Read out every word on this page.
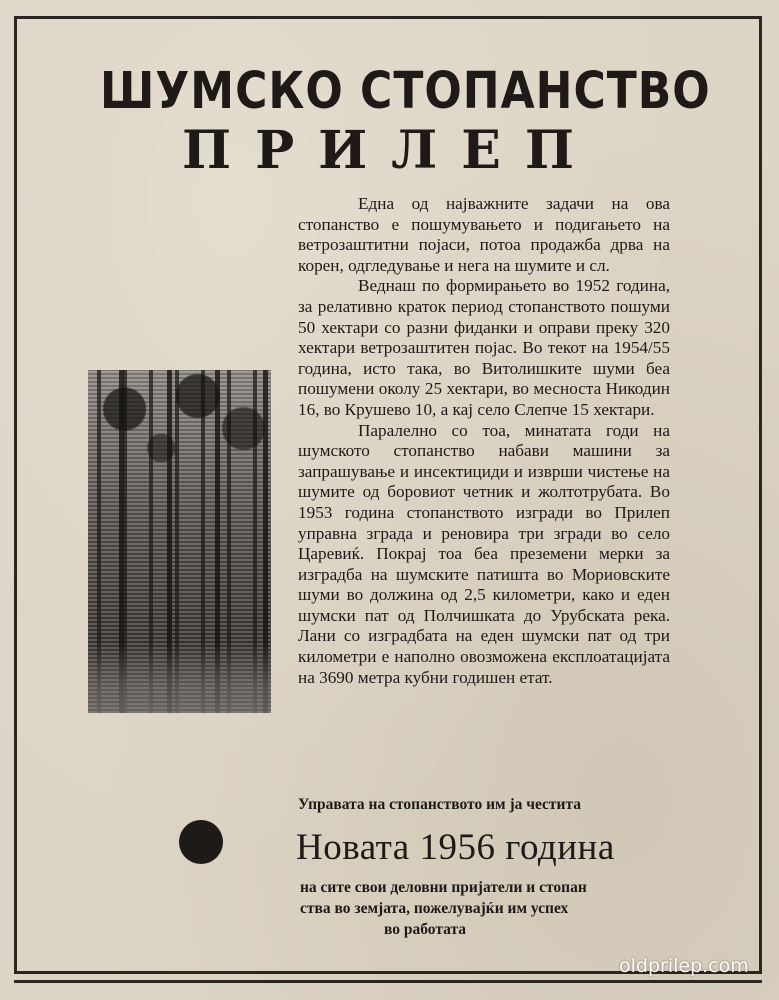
ШУМСКО СТОПАНСТВО
ПРИЛЕП

Една од најважните задачи на ова стопанство е пошумувањето и подигањето на ветрозаштитни појаси, потоа продажба дрва на корен, одгледување и нега на шумите и сл.

Веднаш по формирањето во 1952 година, за релативно краток период стопанството пошуми 50 хектари со разни фиданки и оправи преку 320 хектари ветрозаштитен појас. Во текот на 1954/55 година, исто така, во Витолишките шуми беа пошумени околу 25 хектари, во месноста Никодин 16, во Крушево 10, а кај село Слепче 15 хектари.

Паралелно со тоа, минатата годи на шумското стопанство набави машини за запрашување и инсектициди и изврши чистење на шумите од боровиот четник и жолтотрубата. Во 1953 година стопанството изгради во Прилеп управна зграда и реновира три згради во село Царевиќ. Покрај тоа беа преземени мерки за изградба на шумските патишта во Мориовските шуми во должина од 2,5 километри, како и еден шумски пат од Полчишката до Урубската река. Лани со изградбата на еден шумски пат од три километри е наполно овозможена експлоатацијата на 3690 метра кубни годишен етат.

Управата на стопанството им ја честита
Новата 1956 година
на сите свои деловни пријатели и стопан
ства во земјата, пожелувајќи им успех
во работата
oldprilep.com
